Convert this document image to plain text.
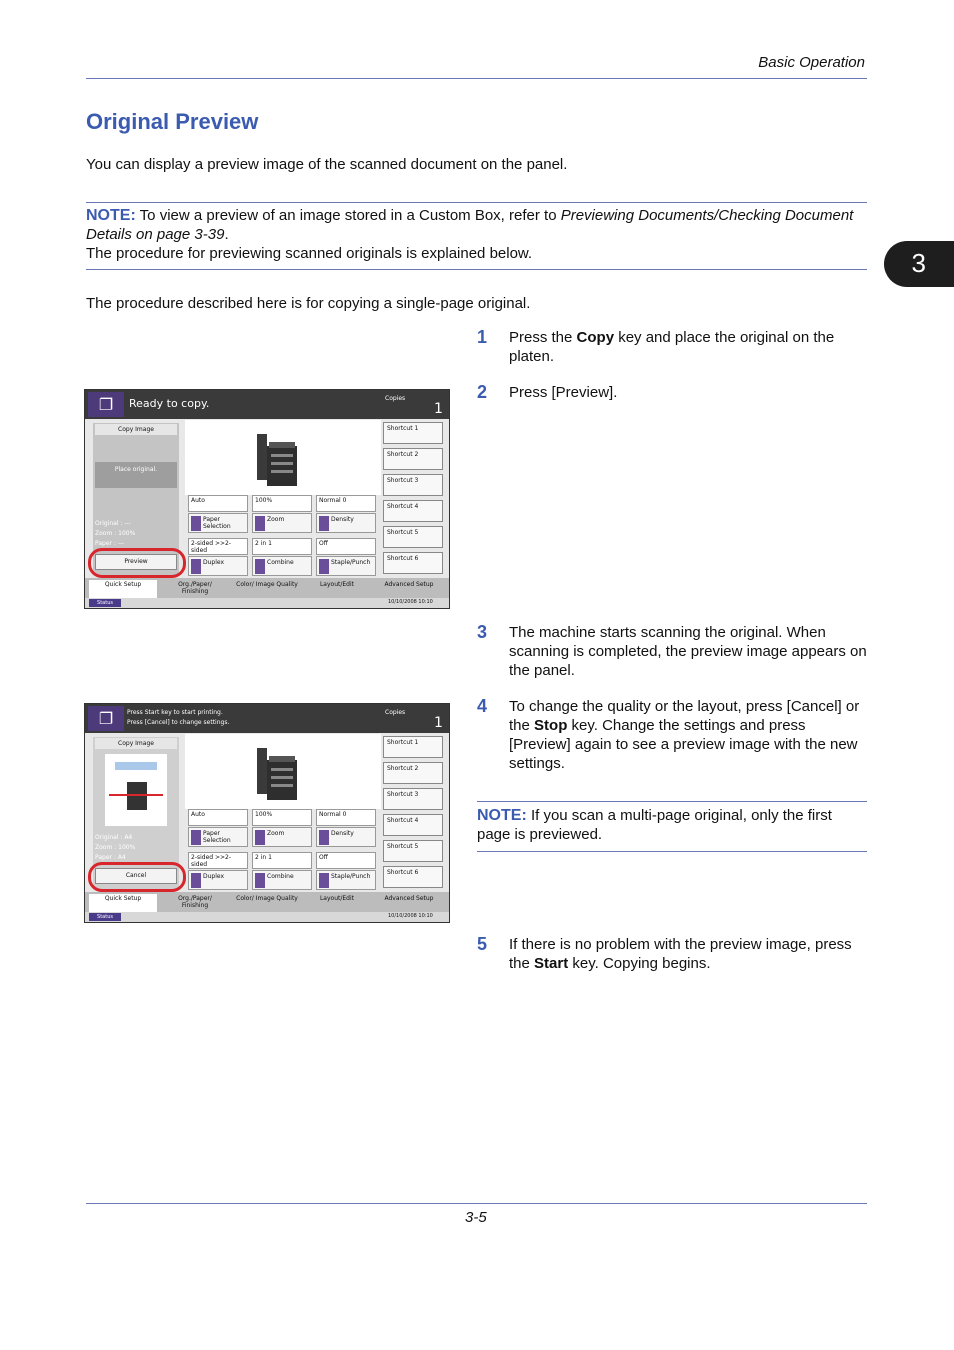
Basic Operation
3
Original Preview
You can display a preview image of the scanned document on the panel.
NOTE: To view a preview of an image stored in a Custom Box, refer to Previewing Documents/Checking Document Details on page 3-39.
The procedure for previewing scanned originals is explained below.
The procedure described here is for copying a single-page original.
1 Press the Copy key and place the original on the platen.
2 Press [Preview].
3 The machine starts scanning the original. When scanning is completed, the preview image appears on the panel.
4 To change the quality or the layout, press [Cancel] or the Stop key. Change the settings and press [Preview] again to see a preview image with the new settings.
NOTE: If you scan a multi-page original, only the first page is previewed.
5 If there is no problem with the preview image, press the Start key. Copying begins.
3-5
❐	Ready to copy.	Copies
1
Copy Image
Place original.
Original : ---
Zoom : 100%
Paper : ---
Preview
Auto	100%	Normal 0
Paper Selection
Zoom	Density
2-sided >>2-sided
2 in 1	Off
Duplex	Combine	Staple/Punch
Shortcut 1
Shortcut 2
Shortcut 3
Shortcut 4
Shortcut 5
Shortcut 6
Quick Setup	Org./Paper/ Finishing
Color/ Image Quality	Layout/Edit	Advanced Setup
Status	10/10/2008 10:10
❐	Press Start key to start printing.
Press [Cancel] to change settings.
Copies
1
Copy Image
Original : A4
Zoom : 100%
Paper : A4
Cancel
Auto	100%	Normal 0
Paper Selection
Zoom	Density
2-sided >>2-sided
2 in 1	Off
Duplex	Combine	Staple/Punch
Shortcut 1
Shortcut 2
Shortcut 3
Shortcut 4
Shortcut 5
Shortcut 6
Quick Setup	Org./Paper/ Finishing
Color/ Image Quality	Layout/Edit	Advanced Setup
Status	10/10/2008 10:10
